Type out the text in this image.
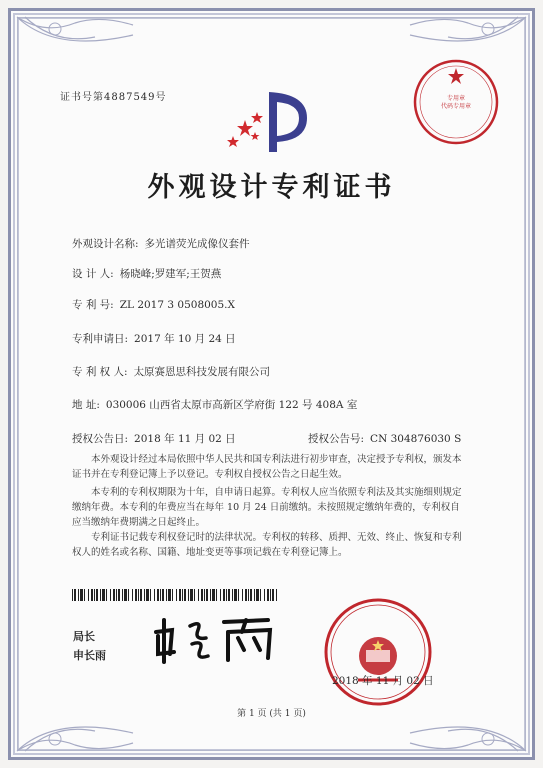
证书号第4887549号	专用章
代码专用章
外观设计专利证书
外观设计名称: 多光谱荧光成像仪套件
设 计 人: 杨晓峰;罗建军;王贺燕
专 利 号: ZL 2017 3 0508005.X
专利申请日: 2017 年 10 月 24 日
专 利 权 人: 太原赛恩思科技发展有限公司
地 址: 030006 山西省太原市高新区学府街 122 号 408A 室
授权公告日: 2018 年 11 月 02 日	授权公告号: CN 304876030 S
本外观设计经过本局依照中华人民共和国专利法进行初步审查，决定授予专利权，颁发本证书并在专利登记簿上予以登记。专利权自授权公告之日起生效。
本专利的专利权期限为十年，自申请日起算。专利权人应当依照专利法及其实施细则规定缴纳年费。本专利的年费应当在每年 10 月 24 日前缴纳。未按照规定缴纳年费的，专利权自应当缴纳年费期满之日起终止。
专利证书记载专利权登记时的法律状况。专利权的转移、质押、无效、终止、恢复和专利权人的姓名或名称、国籍、地址变更等事项记载在专利登记簿上。
局长
申长雨
2018 年 11 月 02 日
第 1 页 (共 1 页)
